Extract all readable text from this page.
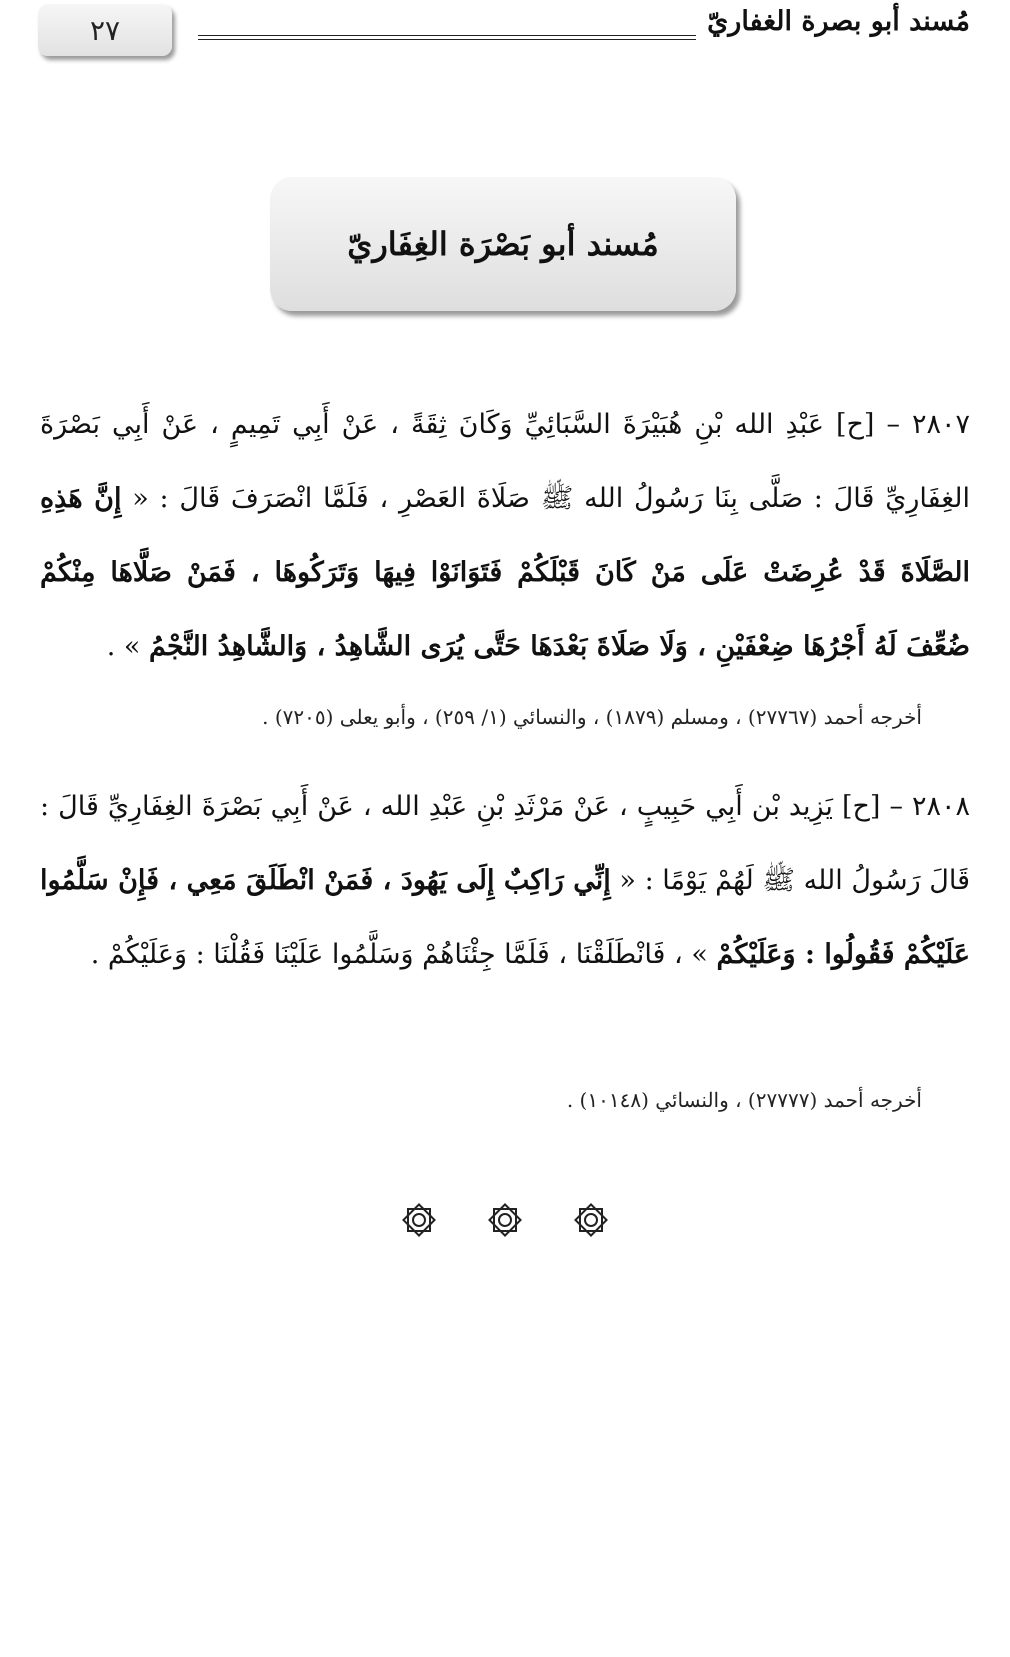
٢٧	مُسند أبو بصرة الغفاريّ
مُسند أبو بَصْرَة الغِفَاريّ
٢٨٠٧ – [ح] عَبْدِ الله بْنِ هُبَيْرَةَ السَّبَائِيِّ وَكَانَ ثِقَةً ، عَنْ أَبِي تَمِيمٍ ، عَنْ أَبِي بَصْرَةَ الغِفَارِيِّ قَالَ : صَلَّى بِنَا رَسُولُ الله ﷺ صَلَاةَ العَصْرِ ، فَلَمَّا انْصَرَفَ قَالَ : « إِنَّ هَذِهِ الصَّلَاةَ قَدْ عُرِضَتْ عَلَى مَنْ كَانَ قَبْلَكُمْ فَتَوَانَوْا فِيهَا وَتَرَكُوهَا ، فَمَنْ صَلَّاهَا مِنْكُمْ ضُعِّفَ لَهُ أَجْرُهَا ضِعْفَيْنِ ، وَلَا صَلَاةَ بَعْدَهَا حَتَّى يُرَى الشَّاهِدُ ، وَالشَّاهِدُ النَّجْمُ » .
أخرجه أحمد (٢٧٧٦٧) ، ومسلم (١٨٧٩) ، والنسائي (١/ ٢٥٩) ، وأبو يعلى (٧٢٠٥) .
٢٨٠٨ – [ح] يَزِيد بْن أَبِي حَبِيبٍ ، عَنْ مَرْثَدِ بْنِ عَبْدِ الله ، عَنْ أَبِي بَصْرَةَ الغِفَارِيِّ قَالَ : قَالَ رَسُولُ الله ﷺ لَهُمْ يَوْمًا : « إِنِّي رَاكِبٌ إِلَى يَهُودَ ، فَمَنْ انْطَلَقَ مَعِي ، فَإِنْ سَلَّمُوا عَلَيْكُمْ فَقُولُوا : وَعَلَيْكُمْ » ، فَانْطَلَقْنَا ، فَلَمَّا جِئْنَاهُمْ وَسَلَّمُوا عَلَيْنَا فَقُلْنَا : وَعَلَيْكُمْ .
أخرجه أحمد (٢٧٧٧٧) ، والنسائي (١٠١٤٨) .
